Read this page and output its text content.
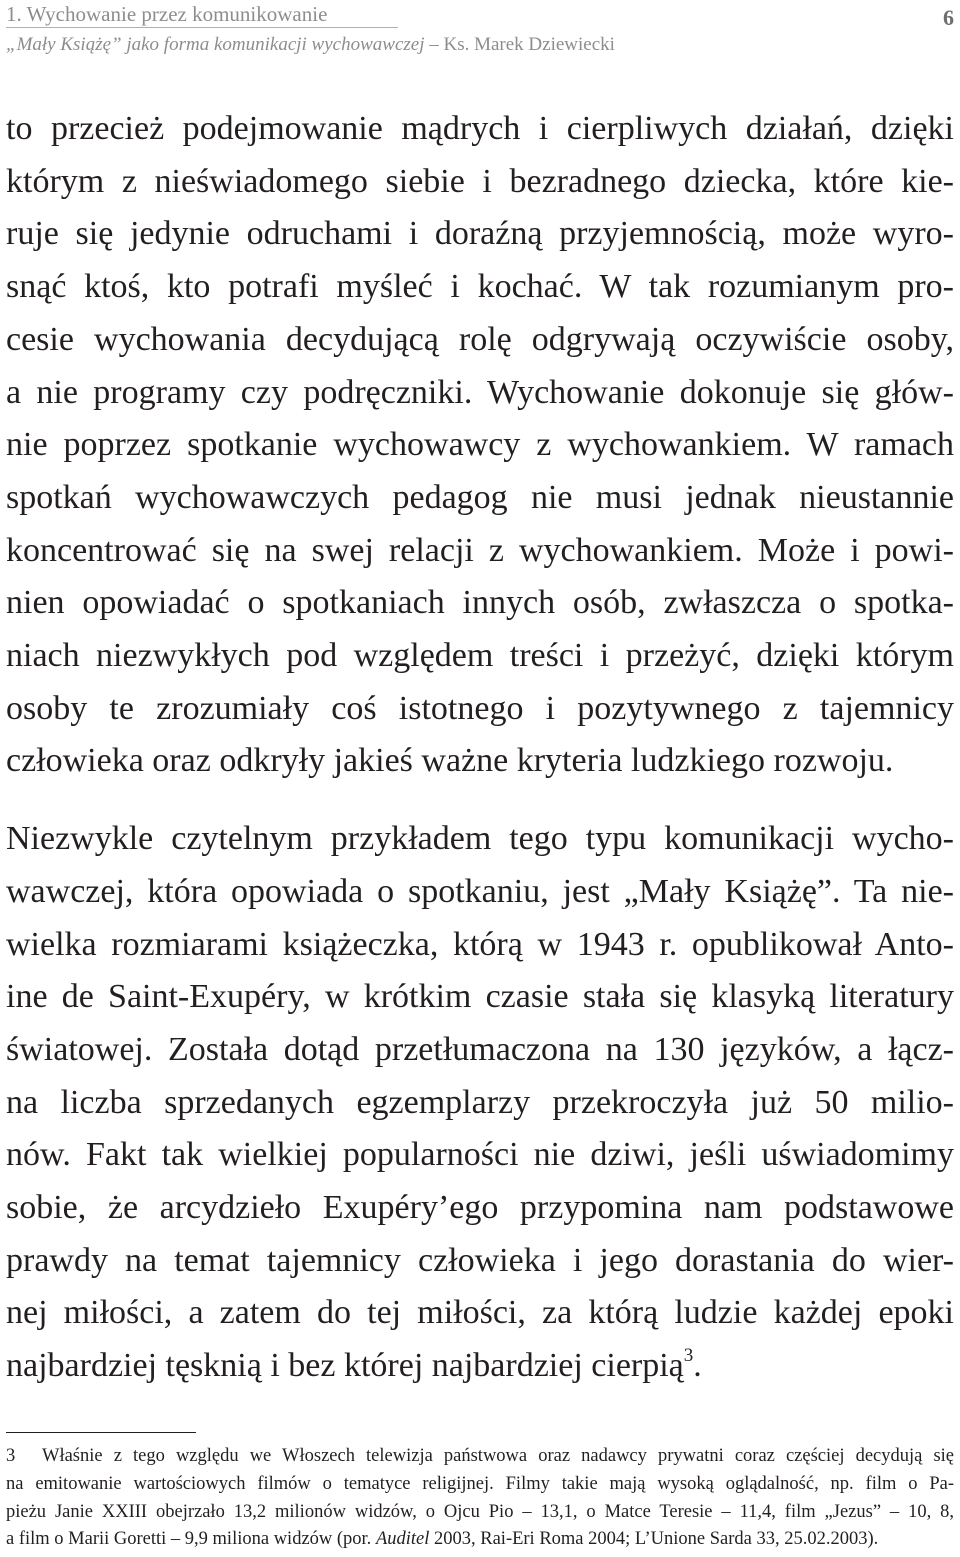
1. Wychowanie przez komunikowanie
„Mały Książę” jako forma komunikacji wychowawczej – Ks. Marek Dziewiecki
6
to przecież podejmowanie mądrych i cierpliwych działań, dzięki
którym z nieświadomego siebie i bezradnego dziecka, które kie-
ruje się jedynie odruchami i doraźną przyjemnością, może wyro-
snąć ktoś, kto potrafi myśleć i kochać. W tak rozumianym pro-
cesie wychowania decydującą rolę odgrywają oczywiście osoby,
a nie programy czy podręczniki. Wychowanie dokonuje się głów-
nie poprzez spotkanie wychowawcy z wychowankiem. W ramach
spotkań wychowawczych pedagog nie musi jednak nieustannie
koncentrować się na swej relacji z wychowankiem. Może i powi-
nien opowiadać o spotkaniach innych osób, zwłaszcza o spotka-
niach niezwykłych pod względem treści i przeżyć, dzięki którym
osoby te zrozumiały coś istotnego i pozytywnego z tajemnicy
człowieka oraz odkryły jakieś ważne kryteria ludzkiego rozwoju.
Niezwykle czytelnym przykładem tego typu komunikacji wycho-
wawczej, która opowiada o spotkaniu, jest „Mały Książę”. Ta nie-
wielka rozmiarami książeczka, którą w 1943 r. opublikował Anto-
ine de Saint-Exupéry, w krótkim czasie stała się klasyką literatury
światowej. Została dotąd przetłumaczona na 130 języków, a łącz-
na liczba sprzedanych egzemplarzy przekroczyła już 50 milio-
nów. Fakt tak wielkiej popularności nie dziwi, jeśli uświadomimy
sobie, że arcydzieło Exupéry’ego przypomina nam podstawowe
prawdy na temat tajemnicy człowieka i jego dorastania do wier-
nej miłości, a zatem do tej miłości, za którą ludzie każdej epoki
najbardziej tęsknią i bez której najbardziej cierpią$^3$.
3 Właśnie z tego względu we Włoszech telewizja państwowa oraz nadawcy prywatni coraz częściej decydują się
na emitowanie wartościowych filmów o tematyce religijnej. Filmy takie mają wysoką oglądalność, np. film o Pa-
pieżu Janie XXIII obejrzało 13,2 milionów widzów, o Ojcu Pio – 13,1, o Matce Teresie – 11,4, film „Jezus” – 10, 8,
a film o Marii Goretti – 9,9 miliona widzów (por. Auditel 2003, Rai-Eri Roma 2004; L’Unione Sarda 33, 25.02.2003).
